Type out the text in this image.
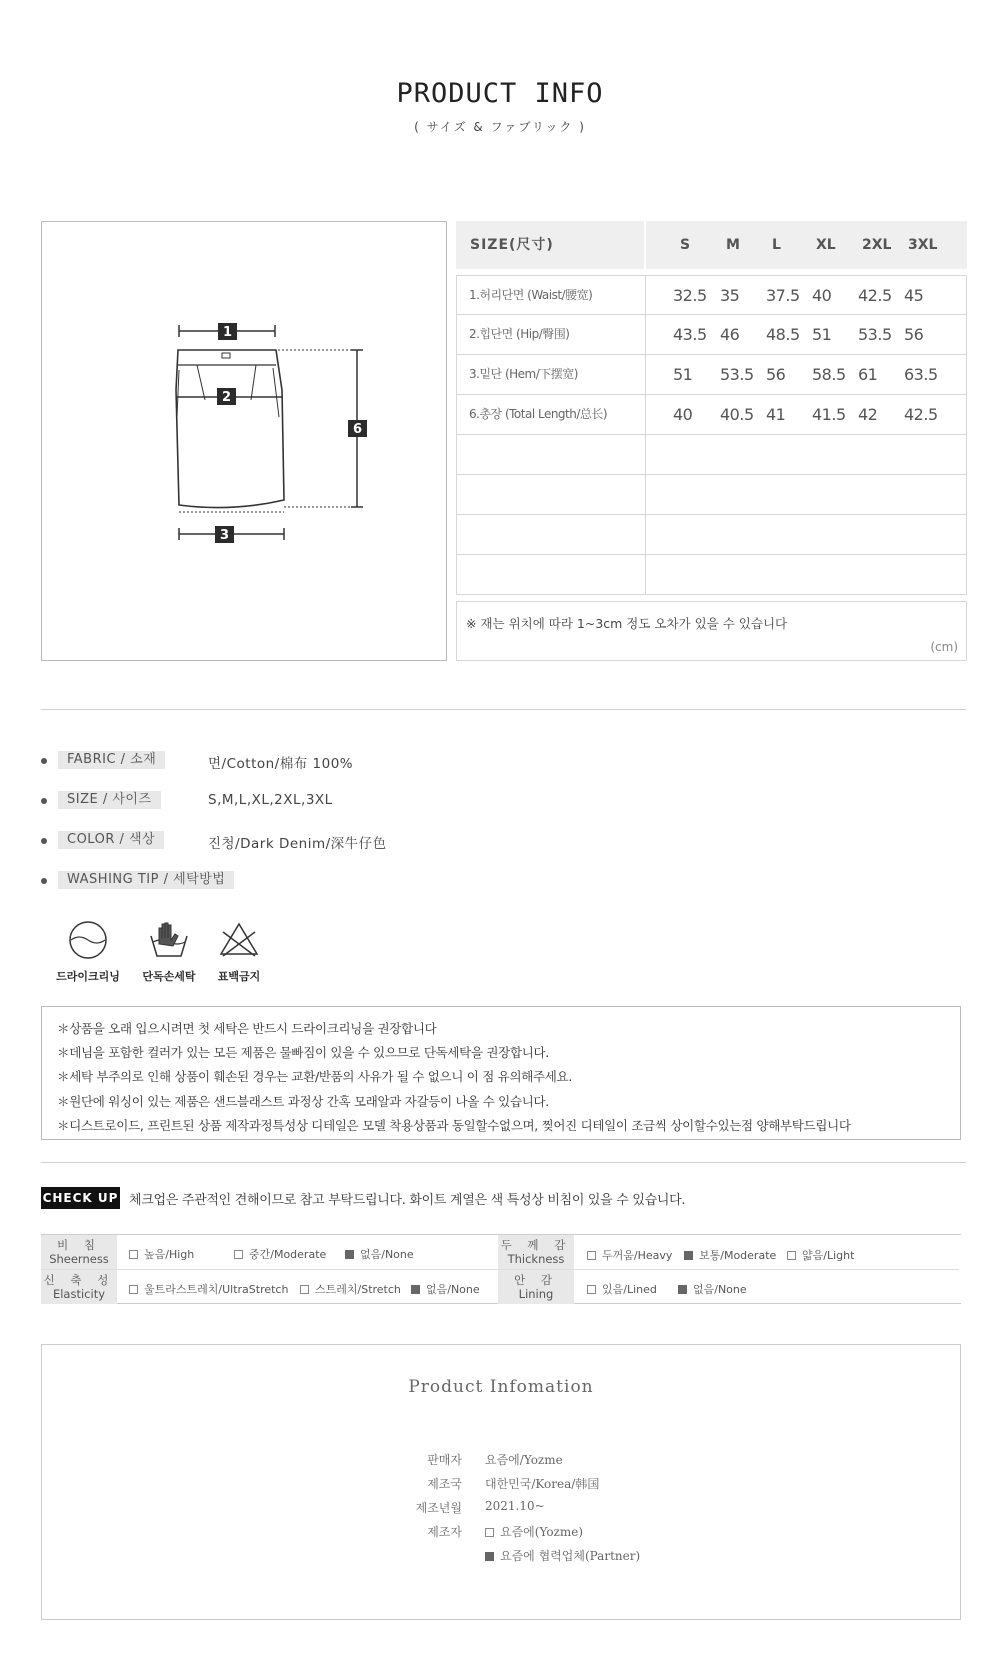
PRODUCT INFO
( サイズ & ファブリック )
1
2
3
6
SIZE(尺寸)	S	M L	XL 2XL 3XL
1.허리단면 (Waist/腰宽)	32.5 35 37.5 40 42.5 45
2.힙단면 (Hip/臀围)	43.5 46 48.5 51 53.5 56
3.밑단 (Hem/下摆宽)	51 53.5 56 58.5 61 63.5
6.총장 (Total Length/总长)	40 40.5 41 41.5 42 42.5
※ 재는 위치에 따라 1~3cm 정도 오차가 있을 수 있습니다
(cm)
FABRIC / 소재	면/Cotton/棉布 100%
SIZE / 사이즈	S,M,L,XL,2XL,3XL
COLOR / 색상	진청/Dark Denim/深牛仔色
WASHING TIP / 세탁방법
드라이크리닝	단독손세탁	표백금지
＊상품을 오래 입으시려면 첫 세탁은 반드시 드라이크리닝을 권장합니다
＊데님을 포함한 컬러가 있는 모든 제품은 물빠짐이 있을 수 있으므로 단독세탁을 권장합니다.
＊세탁 부주의로 인해 상품이 훼손된 경우는 교환/반품의 사유가 될 수 없으니 이 점 유의해주세요.
＊원단에 워싱이 있는 제품은 샌드블래스트 과정상 간혹 모래알과 자갈등이 나올 수 있습니다.
＊디스트로이드, 프린트된 상품 제작과정특성상 디테일은 모델 착용상품과 동일할수없으며, 찢어진 디테일이 조금씩 상이할수있는점 양해부탁드립니다
CHECK UP 체크업은 주관적인 견해이므로 참고 부탁드립니다. 화이트 계열은 색 특성상 비침이 있을 수 있습니다.
비 침
Sheerness	높음/High	중간/Moderate	없음/None
두 께 감
Thickness	두꺼움/Heavy	보통/Moderate	얇음/Light
신 축 성
Elasticity	울트라스트레치/UltraStretch	스트레치/Stretch	없음/None
안 감
Lining	있음/Lined	없음/None
Product Infomation
판매자 요즘에/Yozme
제조국 대한민국/Korea/韩国
제조년월 2021.10~
제조자	요즘에(Yozme)
요즘에 협력업체(Partner)
